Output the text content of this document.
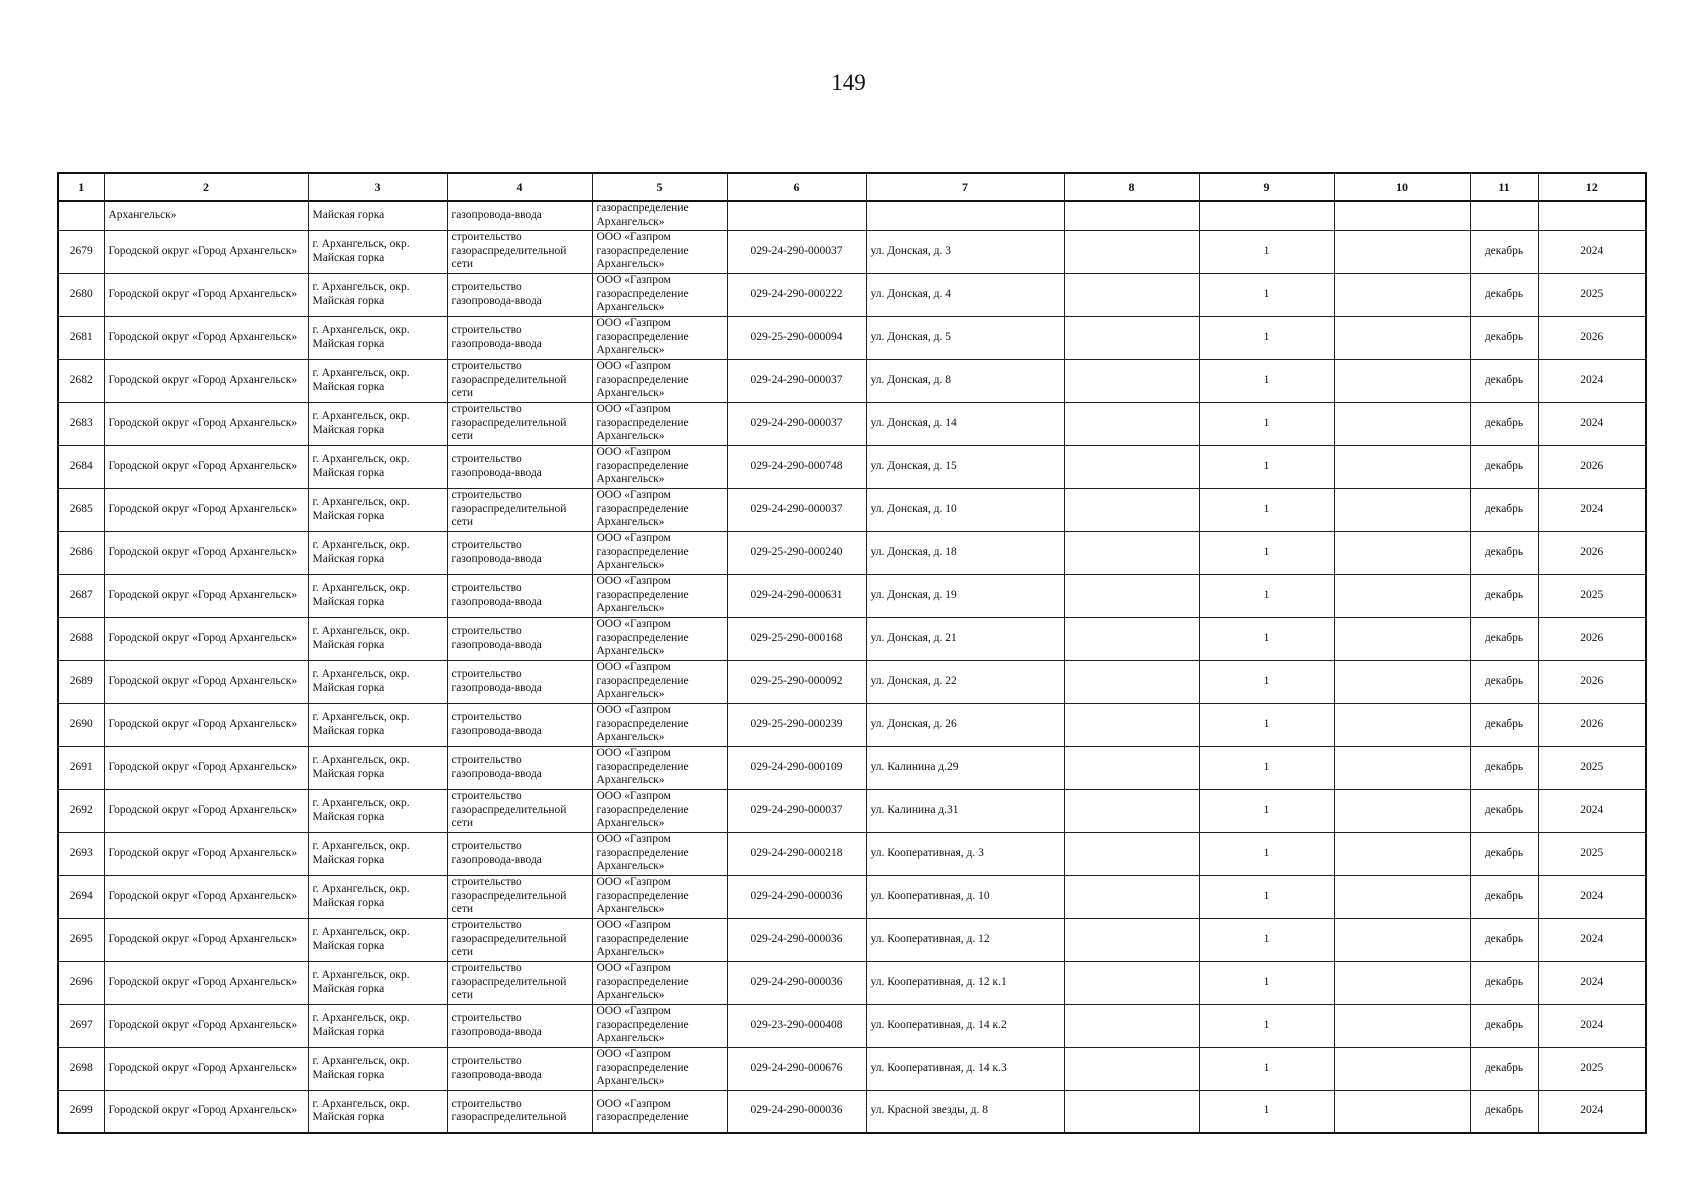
149
1	2	3	4	5	6	7	8	9	10	11	12
	Архангельск»	Майская горка	газопровода-ввода	газораспределение Архангельск»							
2679	Городской округ «Город Архангельск»	г. Архангельск, окр. Майская горка	строительство газораспределительной сети	ООО «Газпром газораспределение Архангельск»	029-24-290-000037	ул. Донская, д. 3		1		декабрь	2024
2680	Городской округ «Город Архангельск»	г. Архангельск, окр. Майская горка	строительство газопровода-ввода	ООО «Газпром газораспределение Архангельск»	029-24-290-000222	ул. Донская, д. 4		1		декабрь	2025
2681	Городской округ «Город Архангельск»	г. Архангельск, окр. Майская горка	строительство газопровода-ввода	ООО «Газпром газораспределение Архангельск»	029-25-290-000094	ул. Донская, д. 5		1		декабрь	2026
2682	Городской округ «Город Архангельск»	г. Архангельск, окр. Майская горка	строительство газораспределительной сети	ООО «Газпром газораспределение Архангельск»	029-24-290-000037	ул. Донская, д. 8		1		декабрь	2024
2683	Городской округ «Город Архангельск»	г. Архангельск, окр. Майская горка	строительство газораспределительной сети	ООО «Газпром газораспределение Архангельск»	029-24-290-000037	ул. Донская, д. 14		1		декабрь	2024
2684	Городской округ «Город Архангельск»	г. Архангельск, окр. Майская горка	строительство газопровода-ввода	ООО «Газпром газораспределение Архангельск»	029-24-290-000748	ул. Донская, д. 15		1		декабрь	2026
2685	Городской округ «Город Архангельск»	г. Архангельск, окр. Майская горка	строительство газораспределительной сети	ООО «Газпром газораспределение Архангельск»	029-24-290-000037	ул. Донская, д. 10		1		декабрь	2024
2686	Городской округ «Город Архангельск»	г. Архангельск, окр. Майская горка	строительство газопровода-ввода	ООО «Газпром газораспределение Архангельск»	029-25-290-000240	ул. Донская, д. 18		1		декабрь	2026
2687	Городской округ «Город Архангельск»	г. Архангельск, окр. Майская горка	строительство газопровода-ввода	ООО «Газпром газораспределение Архангельск»	029-24-290-000631	ул. Донская, д. 19		1		декабрь	2025
2688	Городской округ «Город Архангельск»	г. Архангельск, окр. Майская горка	строительство газопровода-ввода	ООО «Газпром газораспределение Архангельск»	029-25-290-000168	ул. Донская, д. 21		1		декабрь	2026
2689	Городской округ «Город Архангельск»	г. Архангельск, окр. Майская горка	строительство газопровода-ввода	ООО «Газпром газораспределение Архангельск»	029-25-290-000092	ул. Донская, д. 22		1		декабрь	2026
2690	Городской округ «Город Архангельск»	г. Архангельск, окр. Майская горка	строительство газопровода-ввода	ООО «Газпром газораспределение Архангельск»	029-25-290-000239	ул. Донская, д. 26		1		декабрь	2026
2691	Городской округ «Город Архангельск»	г. Архангельск, окр. Майская горка	строительство газопровода-ввода	ООО «Газпром газораспределение Архангельск»	029-24-290-000109	ул. Калинина д.29		1		декабрь	2025
2692	Городской округ «Город Архангельск»	г. Архангельск, окр. Майская горка	строительство газораспределительной сети	ООО «Газпром газораспределение Архангельск»	029-24-290-000037	ул. Калинина д.31		1		декабрь	2024
2693	Городской округ «Город Архангельск»	г. Архангельск, окр. Майская горка	строительство газопровода-ввода	ООО «Газпром газораспределение Архангельск»	029-24-290-000218	ул. Кооперативная, д. 3		1		декабрь	2025
2694	Городской округ «Город Архангельск»	г. Архангельск, окр. Майская горка	строительство газораспределительной сети	ООО «Газпром газораспределение Архангельск»	029-24-290-000036	ул. Кооперативная, д. 10		1		декабрь	2024
2695	Городской округ «Город Архангельск»	г. Архангельск, окр. Майская горка	строительство газораспределительной сети	ООО «Газпром газораспределение Архангельск»	029-24-290-000036	ул. Кооперативная, д. 12		1		декабрь	2024
2696	Городской округ «Город Архангельск»	г. Архангельск, окр. Майская горка	строительство газораспределительной сети	ООО «Газпром газораспределение Архангельск»	029-24-290-000036	ул. Кооперативная, д. 12 к.1		1		декабрь	2024
2697	Городской округ «Город Архангельск»	г. Архангельск, окр. Майская горка	строительство газопровода-ввода	ООО «Газпром газораспределение Архангельск»	029-23-290-000408	ул. Кооперативная, д. 14 к.2		1		декабрь	2024
2698	Городской округ «Город Архангельск»	г. Архангельск, окр. Майская горка	строительство газопровода-ввода	ООО «Газпром газораспределение Архангельск»	029-24-290-000676	ул. Кооперативная, д. 14 к.3		1		декабрь	2025
2699	Городской округ «Город Архангельск»	г. Архангельск, окр. Майская горка	строительство газораспределительной	ООО «Газпром газораспределение	029-24-290-000036	ул. Красной звезды, д. 8		1		декабрь	2024
